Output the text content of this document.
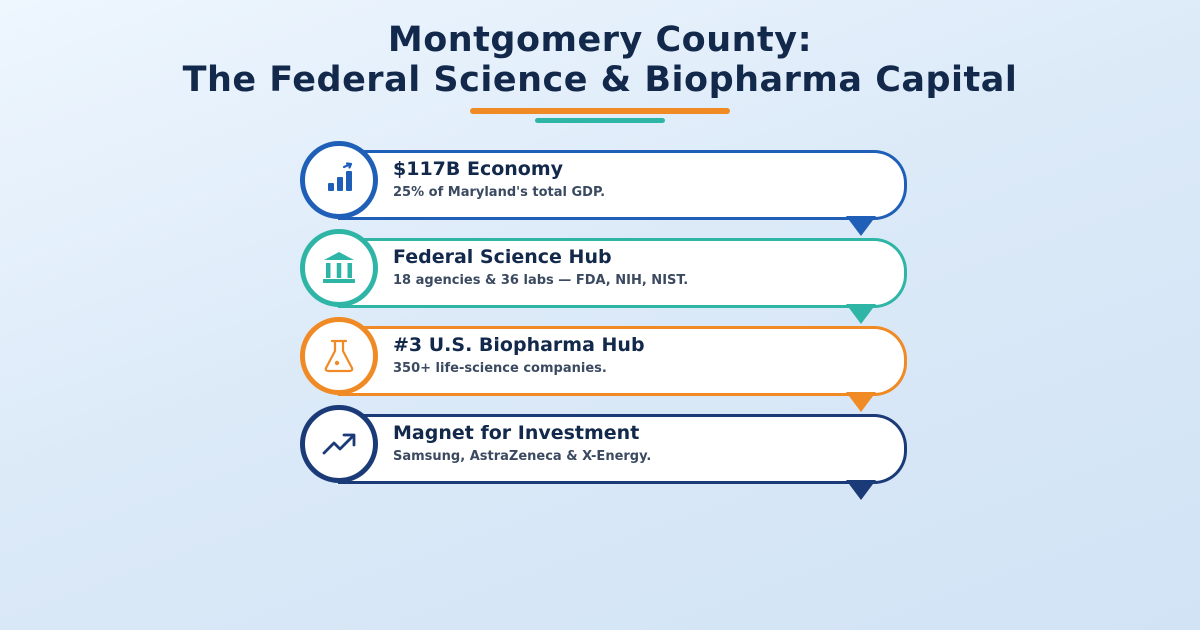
Montgomery County:
The Federal Science & Biopharma Capital
$117B Economy
25% of Maryland's total GDP.
Federal Science Hub
18 agencies & 36 labs — FDA, NIH, NIST.
#3 U.S. Biopharma Hub
350+ life-science companies.
Magnet for Investment
Samsung, AstraZeneca & X-Energy.
